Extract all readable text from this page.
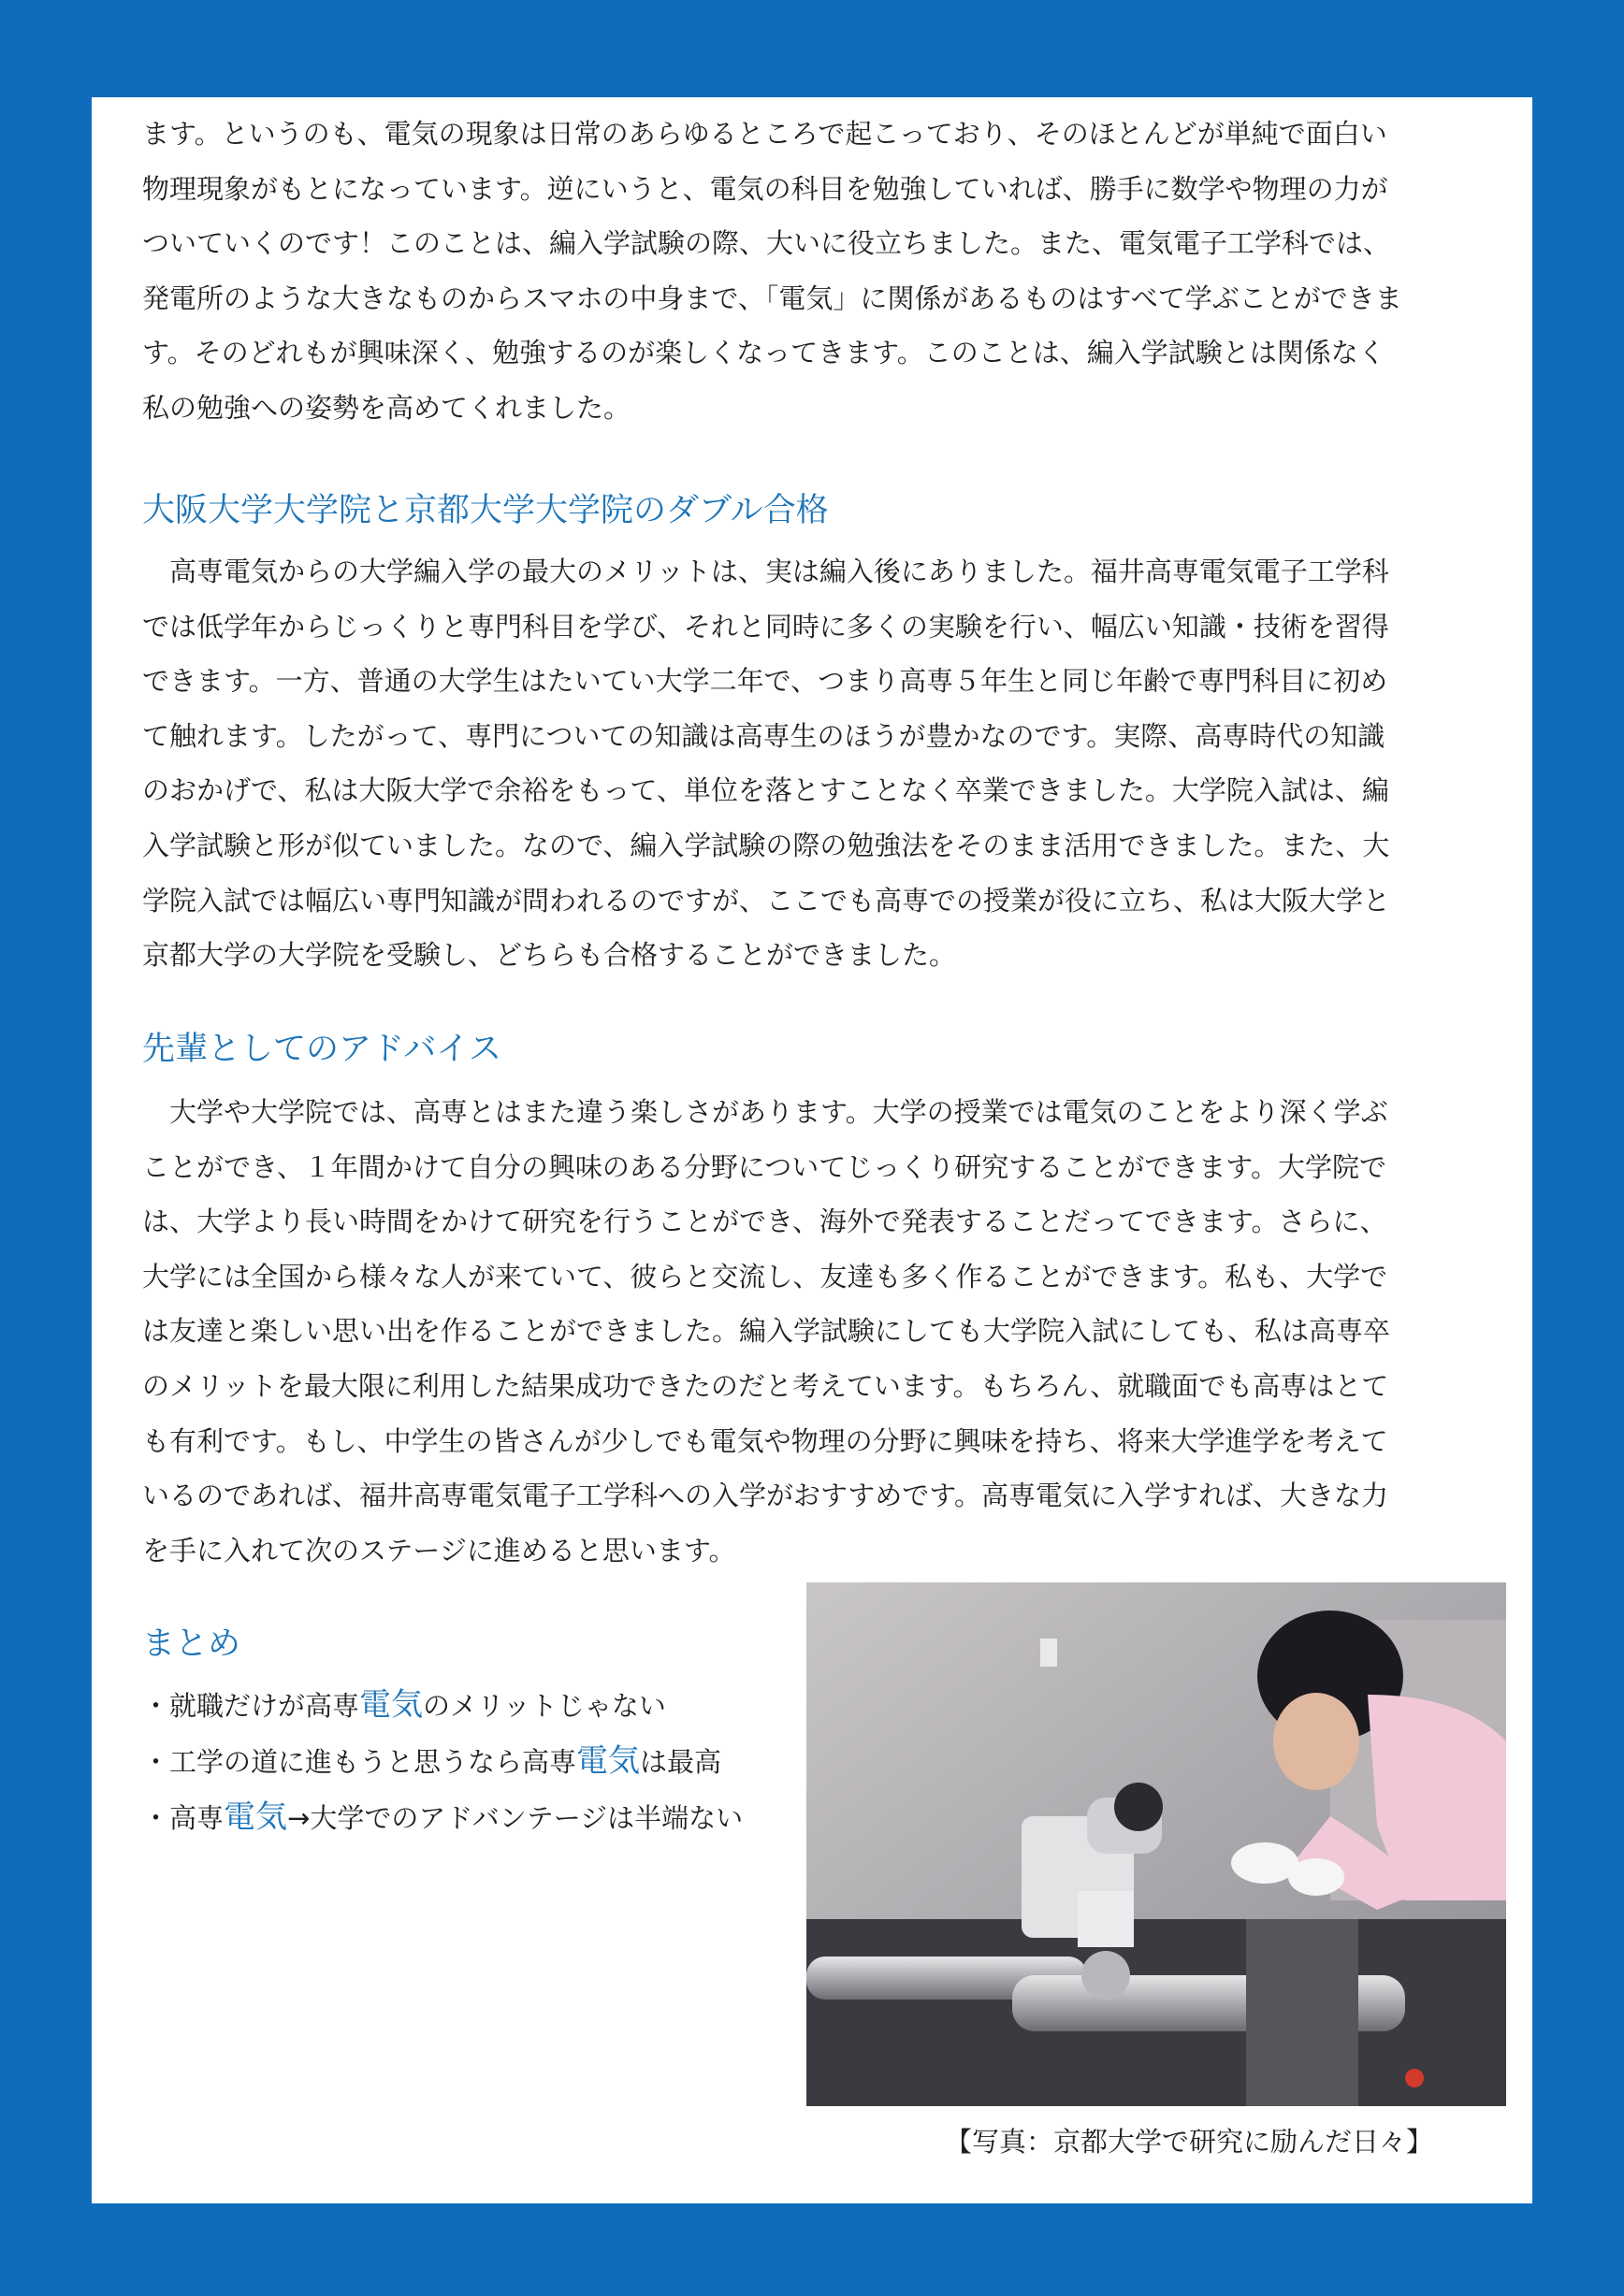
ます。というのも、電気の現象は日常のあらゆるところで起こっており、そのほとんどが単純で面白い
物理現象がもとになっています。逆にいうと、電気の科目を勉強していれば、勝手に数学や物理の力が
ついていくのです！このことは、編入学試験の際、大いに役立ちました。また、電気電子工学科では、
発電所のような大きなものからスマホの中身まで、「電気」に関係があるものはすべて学ぶことができま
す。そのどれもが興味深く、勉強するのが楽しくなってきます。このことは、編入学試験とは関係なく
私の勉強への姿勢を高めてくれました。
大阪大学大学院と京都大学大学院のダブル合格
　高専電気からの大学編入学の最大のメリットは、実は編入後にありました。福井高専電気電子工学科
では低学年からじっくりと専門科目を学び、それと同時に多くの実験を行い、幅広い知識・技術を習得
できます。一方、普通の大学生はたいてい大学二年で、つまり高専５年生と同じ年齢で専門科目に初め
て触れます。したがって、専門についての知識は高専生のほうが豊かなのです。実際、高専時代の知識
のおかげで、私は大阪大学で余裕をもって、単位を落とすことなく卒業できました。大学院入試は、編
入学試験と形が似ていました。なので、編入学試験の際の勉強法をそのまま活用できました。また、大
学院入試では幅広い専門知識が問われるのですが、ここでも高専での授業が役に立ち、私は大阪大学と
京都大学の大学院を受験し、どちらも合格することができました。
先輩としてのアドバイス
　大学や大学院では、高専とはまた違う楽しさがあります。大学の授業では電気のことをより深く学ぶ
ことができ、１年間かけて自分の興味のある分野についてじっくり研究することができます。大学院で
は、大学より長い時間をかけて研究を行うことができ、海外で発表することだってできます。さらに、
大学には全国から様々な人が来ていて、彼らと交流し、友達も多く作ることができます。私も、大学で
は友達と楽しい思い出を作ることができました。編入学試験にしても大学院入試にしても、私は高専卒
のメリットを最大限に利用した結果成功できたのだと考えています。もちろん、就職面でも高専はとて
も有利です。もし、中学生の皆さんが少しでも電気や物理の分野に興味を持ち、将来大学進学を考えて
いるのであれば、福井高専電気電子工学科への入学がおすすめです。高専電気に入学すれば、大きな力
を手に入れて次のステージに進めると思います。
まとめ
・就職だけが高専電気のメリットじゃない
・工学の道に進もうと思うなら高専電気は最高
・高専電気→大学でのアドバンテージは半端ない

【写真：京都大学で研究に励んだ日々】
